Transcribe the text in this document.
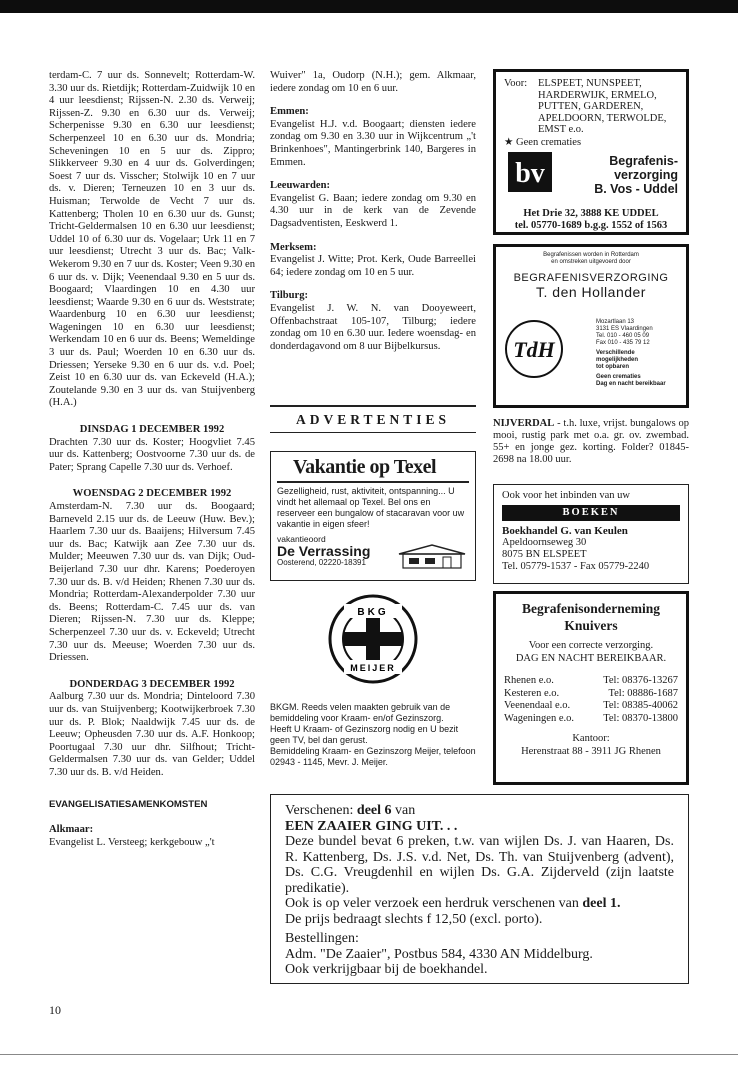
terdam-C. 7 uur ds. Sonnevelt; Rotterdam-W. 3.30 uur ds. Rietdijk; Rotterdam-Zuidwijk 10 en 4 uur leesdienst; Rijssen-N. 2.30 ds. Verweij; Rijssen-Z. 9.30 en 6.30 uur ds. Verweij; Scherpenisse 9.30 en 6.30 uur leesdienst; Scherpenzeel 10 en 6.30 uur ds. Mondria; Scheveningen 10 en 5 uur ds. Zippro; Slikkerveer 9.30 en 4 uur ds. Golverdingen; Soest 7 uur ds. Visscher; Stolwijk 10 en 7 uur ds. v. Dieren; Terneuzen 10 en 3 uur ds. Huisman; Terwolde de Vecht 7 uur ds. Kattenberg; Tholen 10 en 6.30 uur ds. Gunst; Tricht-Geldermalsen 10 en 6.30 uur leesdienst; Uddel 10 of 6.30 uur ds. Vogelaar; Urk 11 en 7 uur leesdienst; Utrecht 3 uur ds. Bac; Valk-Wekerom 9.30 en 7 uur ds. Koster; Veen 9.30 en 6 uur ds. v. Dijk; Veenendaal 9.30 en 5 uur ds. Boogaard; Vlaardingen 10 en 4.30 uur leesdienst; Waarde 9.30 en 6 uur ds. Weststrate; Waardenburg 10 en 6.30 uur leesdienst; Wageningen 10 en 6.30 uur leesdienst; Werkendam 10 en 6 uur ds. Beens; Wemeldinge 3 uur ds. Paul; Woerden 10 en 6.30 uur ds. Driessen; Yerseke 9.30 en 6 uur ds. v.d. Poel; Zeist 10 en 6.30 uur ds. van Eckeveld (H.A.); Zoutelande 9.30 en 3 uur ds. van Stuijvenberg (H.A.)

DINSDAG 1 DECEMBER 1992

Drachten 7.30 uur ds. Koster; Hoogvliet 7.45 uur ds. Kattenberg; Oostvoorne 7.30 uur ds. de Pater; Sprang Capelle 7.30 uur ds. Verhoef.

WOENSDAG 2 DECEMBER 1992

Amsterdam-N. 7.30 uur ds. Boogaard; Barneveld 2.15 uur ds. de Leeuw (Huw. Bev.); Haarlem 7.30 uur ds. Baaijens; Hilversum 7.45 uur ds. Bac; Katwijk aan Zee 7.30 uur ds. Mulder; Meeuwen 7.30 uur ds. van Dijk; Oud-Beijerland 7.30 uur dhr. Karens; Poederoyen 7.30 uur ds. B. v/d Heiden; Rhenen 7.30 uur ds. Mondria; Rotterdam-Alexanderpolder 7.30 uur ds. Beens; Rotterdam-C. 7.45 uur ds. van Dieren; Rijssen-N. 7.30 uur ds. Kleppe; Scherpenzeel 7.30 uur ds. v. Eckeveld; Utrecht 7.30 uur ds. Meeuse; Woerden 7.30 uur ds. Driessen.

DONDERDAG 3 DECEMBER 1992

Aalburg 7.30 uur ds. Mondria; Dinteloord 7.30 uur ds. van Stuijvenberg; Kootwijkerbroek 7.30 uur ds. P. Blok; Naaldwijk 7.45 uur ds. de Leeuw; Opheusden 7.30 uur ds. A.F. Honkoop; Poortugaal 7.30 uur dhr. Silfhout; Tricht-Geldermalsen 7.30 uur ds. van Gelder; Uddel 7.30 uur ds. B. v/d Heiden.

EVANGELISATIESAMENKOMSTEN

Alkmaar:

Evangelist L. Versteeg; kerkgebouw „'t

Wuiver" 1a, Oudorp (N.H.); gem. Alkmaar, iedere zondag om 10 en 6 uur.

Emmen:

Evangelist H.J. v.d. Boogaart; diensten iedere zondag om 9.30 en 3.30 uur in Wijkcentrum „'t Brinkenhoes", Mantingerbrink 140, Bargeres in Emmen.

Leeuwarden:

Evangelist G. Baan; iedere zondag om 9.30 en 4.30 uur in de kerk van de Zevende Dagsadventisten, Eeskwerd 1.

Merksem:

Evangelist J. Witte; Prot. Kerk, Oude Barreellei 64; iedere zondag om 10 en 5 uur.

Tilburg:

Evangelist J. W. N. van Dooyeweert, Offenbachstraat 105-107, Tilburg; iedere zondag om 10 en 6.30 uur. Iedere woensdag- en donderdagavond om 8 uur Bijbelkursus.

ADVERTENTIES
Vakantie op Texel
Gezelligheid, rust, aktiviteit, ontspanning... U vindt het allemaal op Texel. Bel ons en reserveer een bungalow of stacaravan voor uw vakantie in eigen sfeer!
vakantieoord
De Verrassing
Oosterend, 02220-18391
BKG
MEIJER
BKGM. Reeds velen maakten gebruik van de bemiddeling voor Kraam- en/of Gezinszorg.
Heeft U Kraam- of Gezinszorg nodig en U bezit geen TV, bel dan gerust.
Bemiddeling Kraam- en Gezinszorg Meijer, telefoon 02943 - 1145, Mevr. J. Meijer.
Voor:	ELSPEET, NUNSPEET, HARDERWIJK, ERMELO, PUTTEN, GARDEREN, APELDOORN, TERWOLDE, EMST e.o.
★ Geen crematies
bv	Begrafenis-
verzorging
B. Vos - Uddel
Het Drie 32, 3888 KE UDDEL
tel. 05770-1689 b.g.g. 1552 of 1563
Begrafenissen worden in Rotterdam
en omstreken uitgevoerd door
BEGRAFENISVERZORGING
T. den Hollander
TdH
Mozartlaan 13
3131 ES Vlaardingen
Tel. 010 - 460 05 09
Fax 010 - 435 79 12
Verschillende
mogelijkheden
tot opbaren
Geen crematies
Dag en nacht bereikbaar
NIJVERDAL - t.h. luxe, vrijst. bungalows op mooi, rustig park met o.a. gr. ov. zwembad. 55+ en jonge gez. korting. Folder? 01845-2698 na 18.00 uur.
Ook voor het inbinden van uw
BOEKEN
Boekhandel G. van Keulen
Apeldoornseweg 30
8075 BN ELSPEET
Tel. 05779-1537 - Fax 05779-2240
Begrafenisonderneming
Knuivers
Voor een correcte verzorging.
DAG EN NACHT BEREIKBAAR.
Rhenen e.o.	Tel: 08376-13267
Kesteren e.o.	Tel: 08886-1687
Veenendaal e.o.	Tel: 08385-40062
Wageningen e.o.	Tel: 08370-13800
Kantoor:
Herenstraat 88 - 3911 JG Rhenen

Verschenen: deel 6 van

EEN ZAAIER GING UIT. . .

Deze bundel bevat 6 preken, t.w. van wijlen Ds. J. van Haaren, Ds. R. Kattenberg, Ds. J.S. v.d. Net, Ds. Th. van Stuijvenberg (advent), Ds. C.G. Vreugdenhil en wijlen Ds. G.A. Zijderveld (zijn laatste predikatie).

Ook is op veler verzoek een herdruk verschenen van deel 1.

De prijs bedraagt slechts f 12,50 (excl. porto).

Bestellingen:

Adm. "De Zaaier", Postbus 584, 4330 AN Middelburg.

Ook verkrijgbaar bij de boekhandel.

10
